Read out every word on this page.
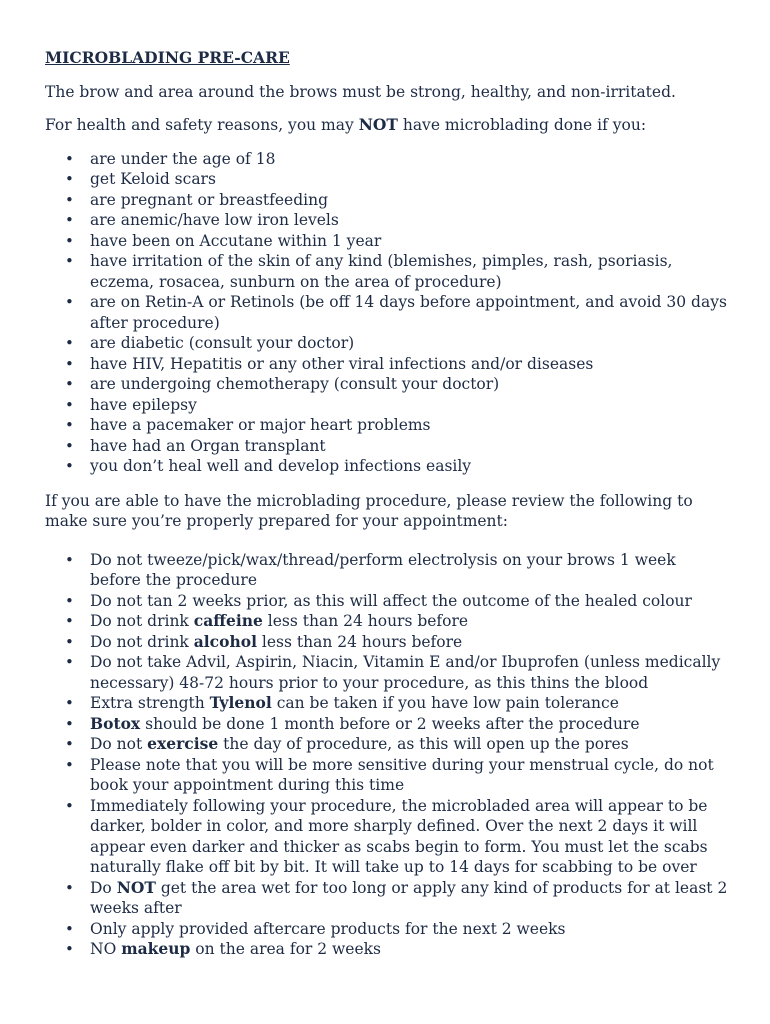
MICROBLADING PRE-CARE

The brow and area around the brows must be strong, healthy, and non-irritated.

For health and safety reasons, you may NOT have microblading done if you:

• are under the age of 18
• get Keloid scars
• are pregnant or breastfeeding
• are anemic/have low iron levels
• have been on Accutane within 1 year
• have irritation of the skin of any kind (blemishes, pimples, rash, psoriasis, eczema, rosacea, sunburn on the area of procedure)
• are on Retin-A or Retinols (be off 14 days before appointment, and avoid 30 days after procedure)
• are diabetic (consult your doctor)
• have HIV, Hepatitis or any other viral infections and/or diseases
• are undergoing chemotherapy (consult your doctor)
• have epilepsy
• have a pacemaker or major heart problems
• have had an Organ transplant
• you don’t heal well and develop infections easily

If you are able to have the microblading procedure, please review the following to make sure you’re properly prepared for your appointment:

• Do not tweeze/pick/wax/thread/perform electrolysis on your brows 1 week before the procedure
• Do not tan 2 weeks prior, as this will affect the outcome of the healed colour
• Do not drink caffeine less than 24 hours before
• Do not drink alcohol less than 24 hours before
• Do not take Advil, Aspirin, Niacin, Vitamin E and/or Ibuprofen (unless medically necessary) 48-72 hours prior to your procedure, as this thins the blood
• Extra strength Tylenol can be taken if you have low pain tolerance
• Botox should be done 1 month before or 2 weeks after the procedure
• Do not exercise the day of procedure, as this will open up the pores
• Please note that you will be more sensitive during your menstrual cycle, do not book your appointment during this time
• Immediately following your procedure, the microbladed area will appear to be darker, bolder in color, and more sharply defined. Over the next 2 days it will appear even darker and thicker as scabs begin to form. You must let the scabs naturally flake off bit by bit. It will take up to 14 days for scabbing to be over
• Do NOT get the area wet for too long or apply any kind of products for at least 2 weeks after
• Only apply provided aftercare products for the next 2 weeks
• NO makeup on the area for 2 weeks
